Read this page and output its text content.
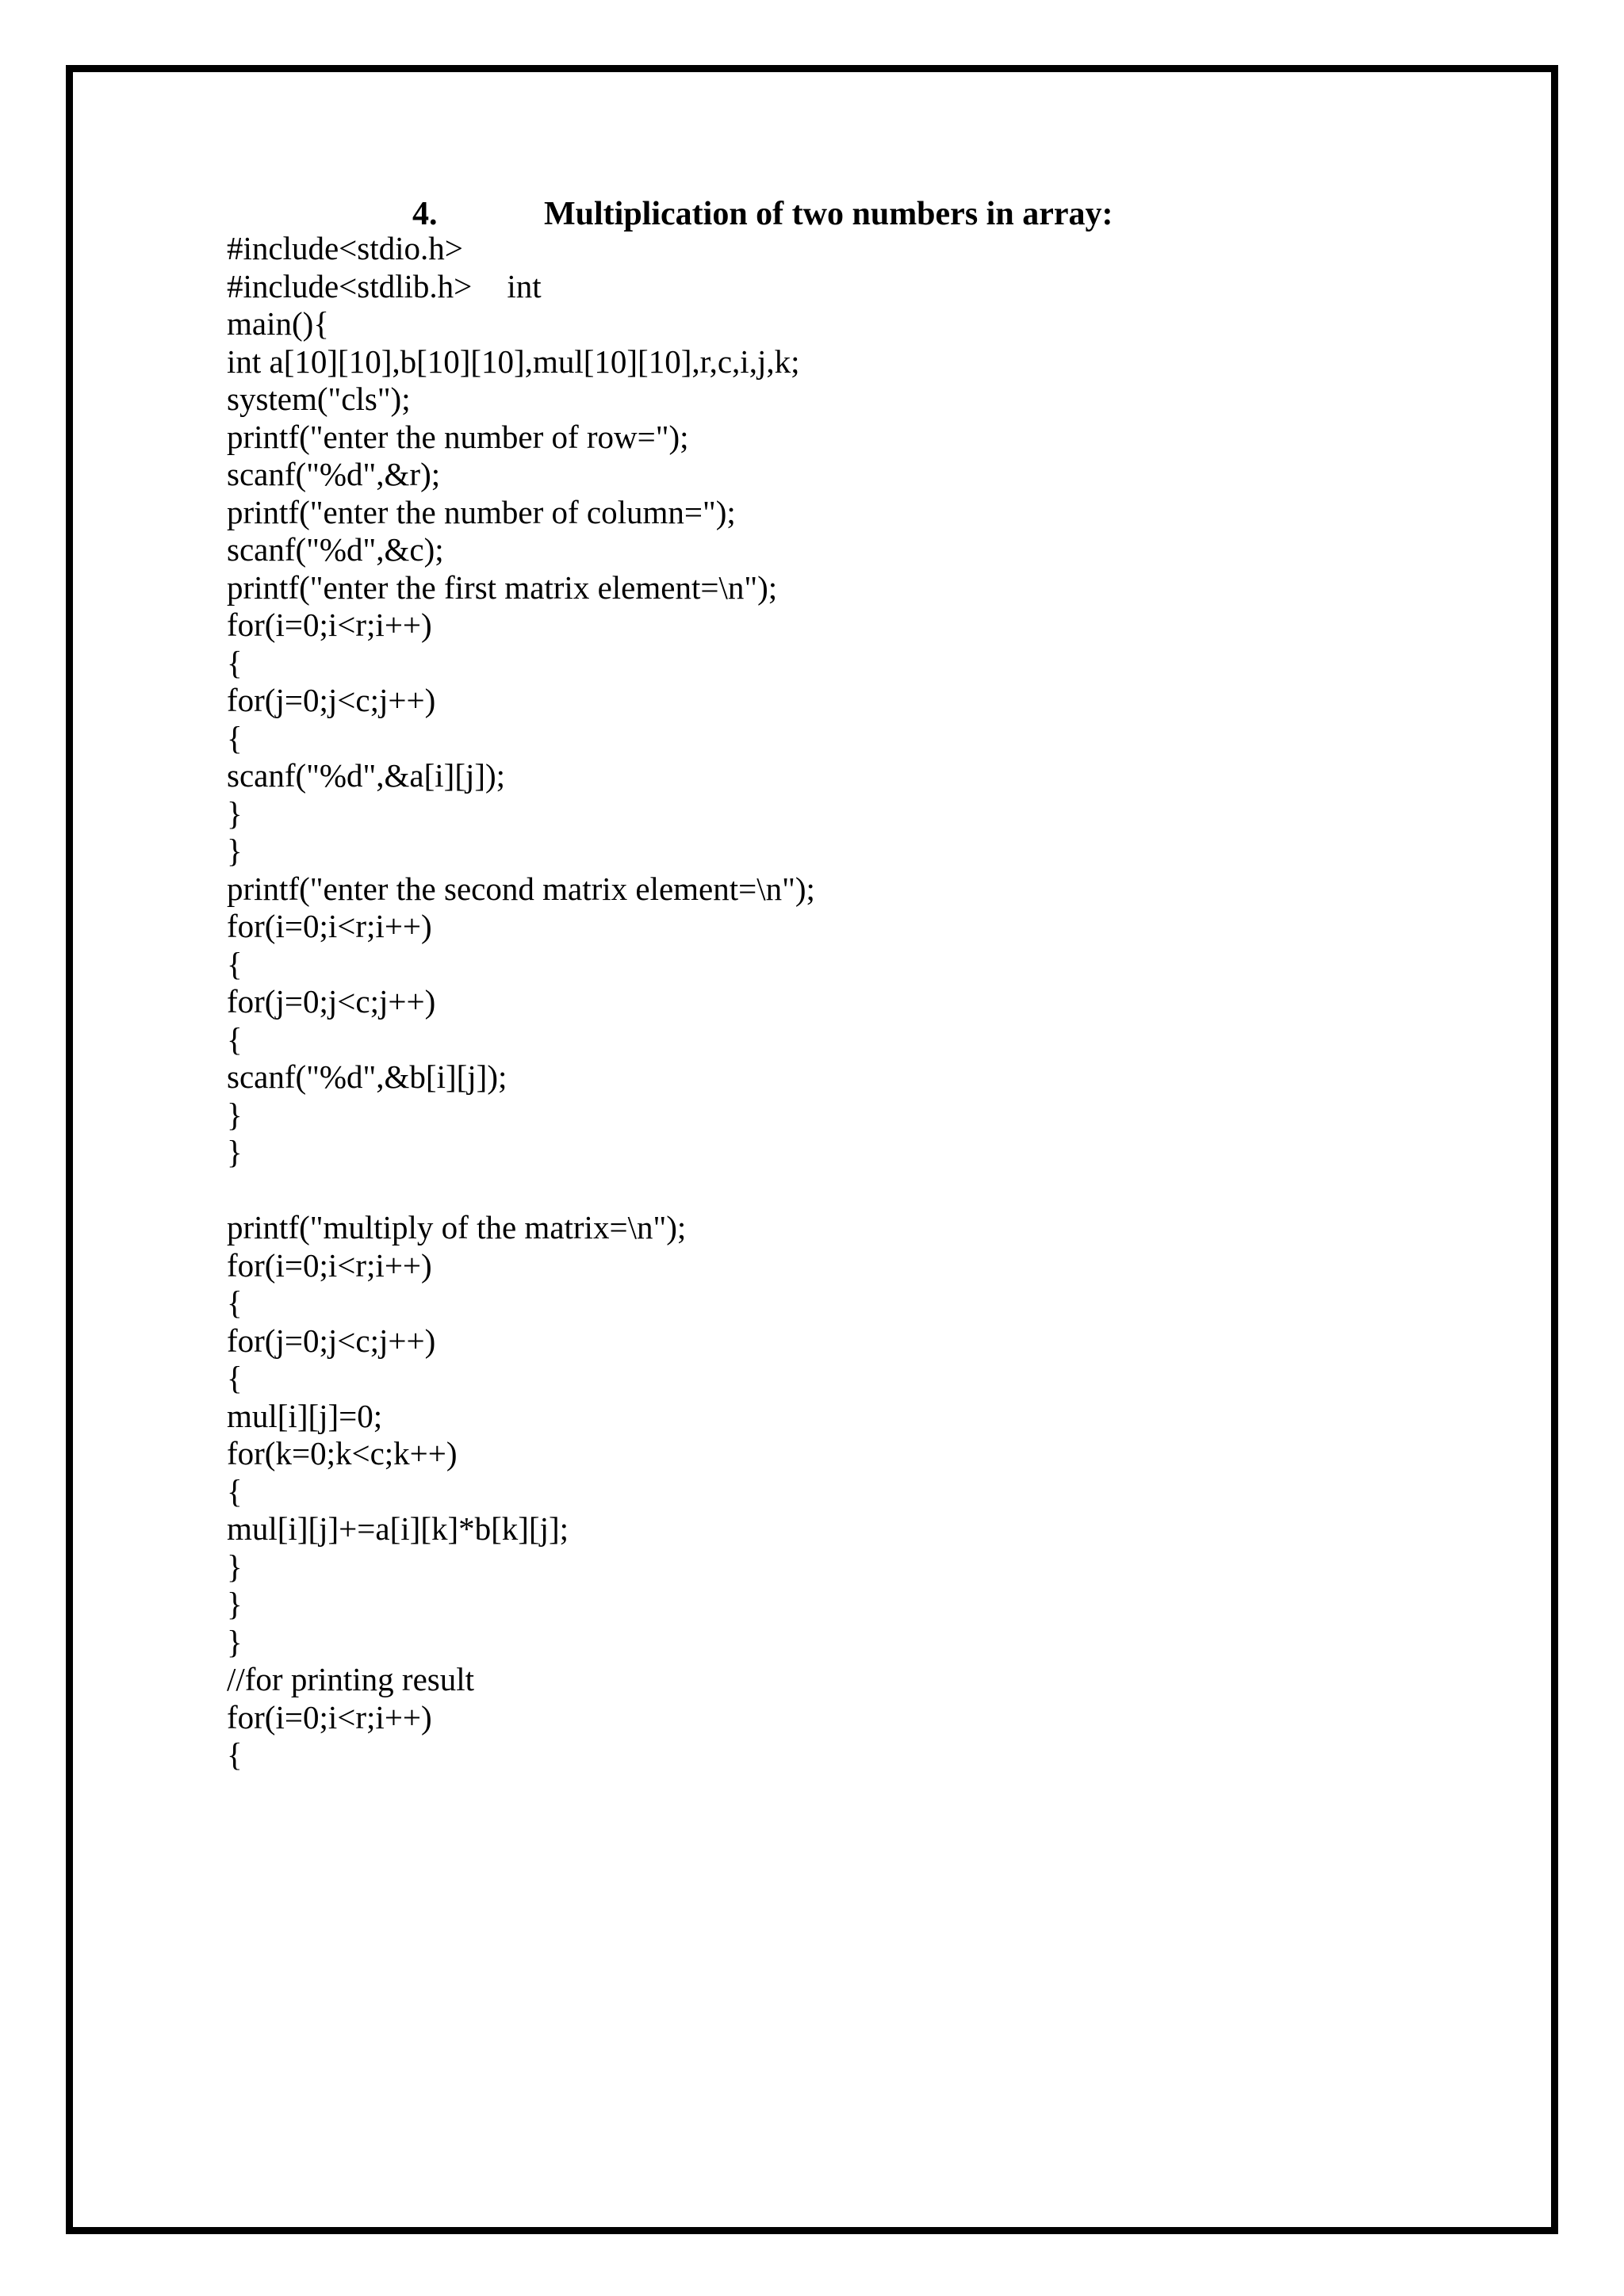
4.	Multiplication of two numbers in array:
#include<stdio.h>
#include<stdlib.h> int
main(){
int a[10][10],b[10][10],mul[10][10],r,c,i,j,k;
system("cls");
printf("enter the number of row=");
scanf("%d",&r);
printf("enter the number of column=");
scanf("%d",&c);
printf("enter the first matrix element=\n");
for(i=0;i<r;i++)
{
for(j=0;j<c;j++)
{
scanf("%d",&a[i][j]);
}
}
printf("enter the second matrix element=\n");
for(i=0;i<r;i++)
{
for(j=0;j<c;j++)
{
scanf("%d",&b[i][j]);
}
}
printf("multiply of the matrix=\n");
for(i=0;i<r;i++)
{
for(j=0;j<c;j++)
{
mul[i][j]=0;
for(k=0;k<c;k++)
{
mul[i][j]+=a[i][k]*b[k][j];
}
}
}
//for printing result
for(i=0;i<r;i++)
{
